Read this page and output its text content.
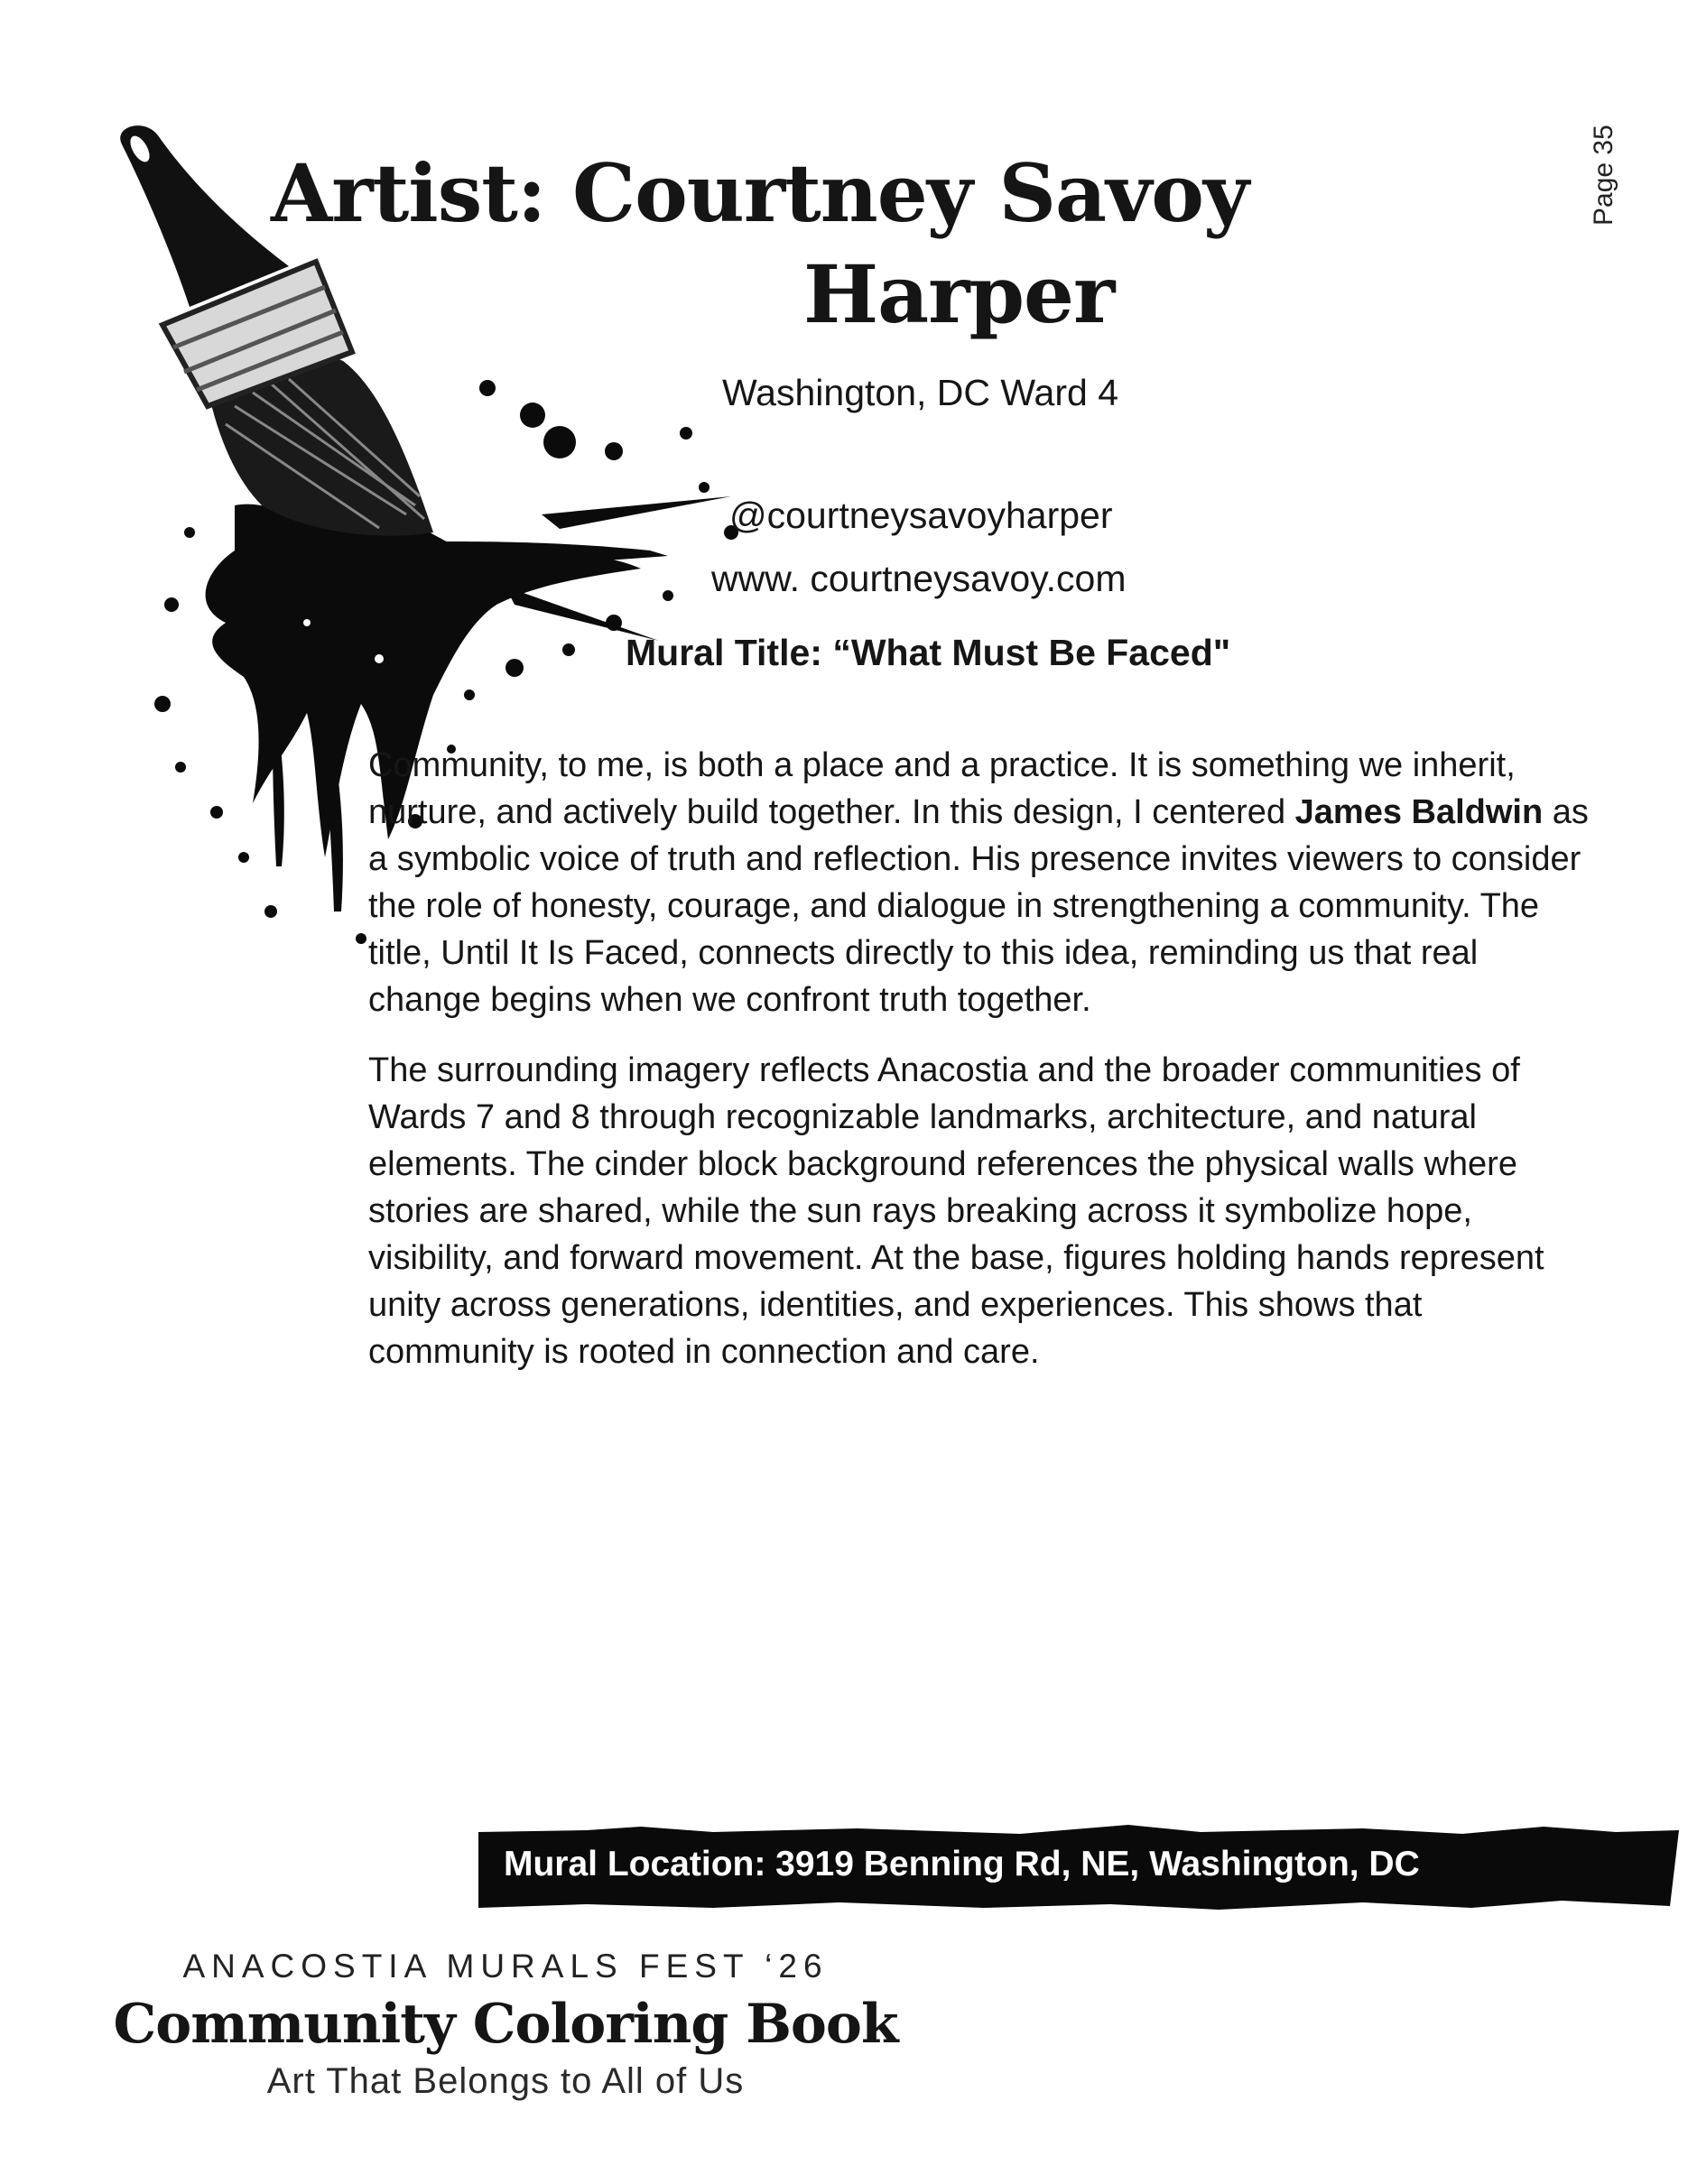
Page 35
Artist: Courtney Savoy
Harper
Washington, DC Ward 4
@courtneysavoyharper
www. courtneysavoy.com
Mural Title: “What Must Be Faced"

Community, to me, is both a place and a practice. It is something we inherit, nurture, and actively build together. In this design, I centered James Baldwin as a symbolic voice of truth and reflection. His presence invites viewers to consider the role of honesty, courage, and dialogue in strengthening a community. The title, Until It Is Faced, connects directly to this idea, reminding us that real change begins when we confront truth together.

The surrounding imagery reflects Anacostia and the broader communities of Wards 7 and 8 through recognizable landmarks, architecture, and natural elements. The cinder block background references the physical walls where stories are shared, while the sun rays breaking across it symbolize hope, visibility, and forward movement. At the base, figures holding hands represent unity across generations, identities, and experiences. This shows that community is rooted in connection and care.

Mural Location: 3919 Benning Rd, NE, Washington, DC
ANACOSTIA MURALS FEST ‘26
Community Coloring Book
Art That Belongs to All of Us
